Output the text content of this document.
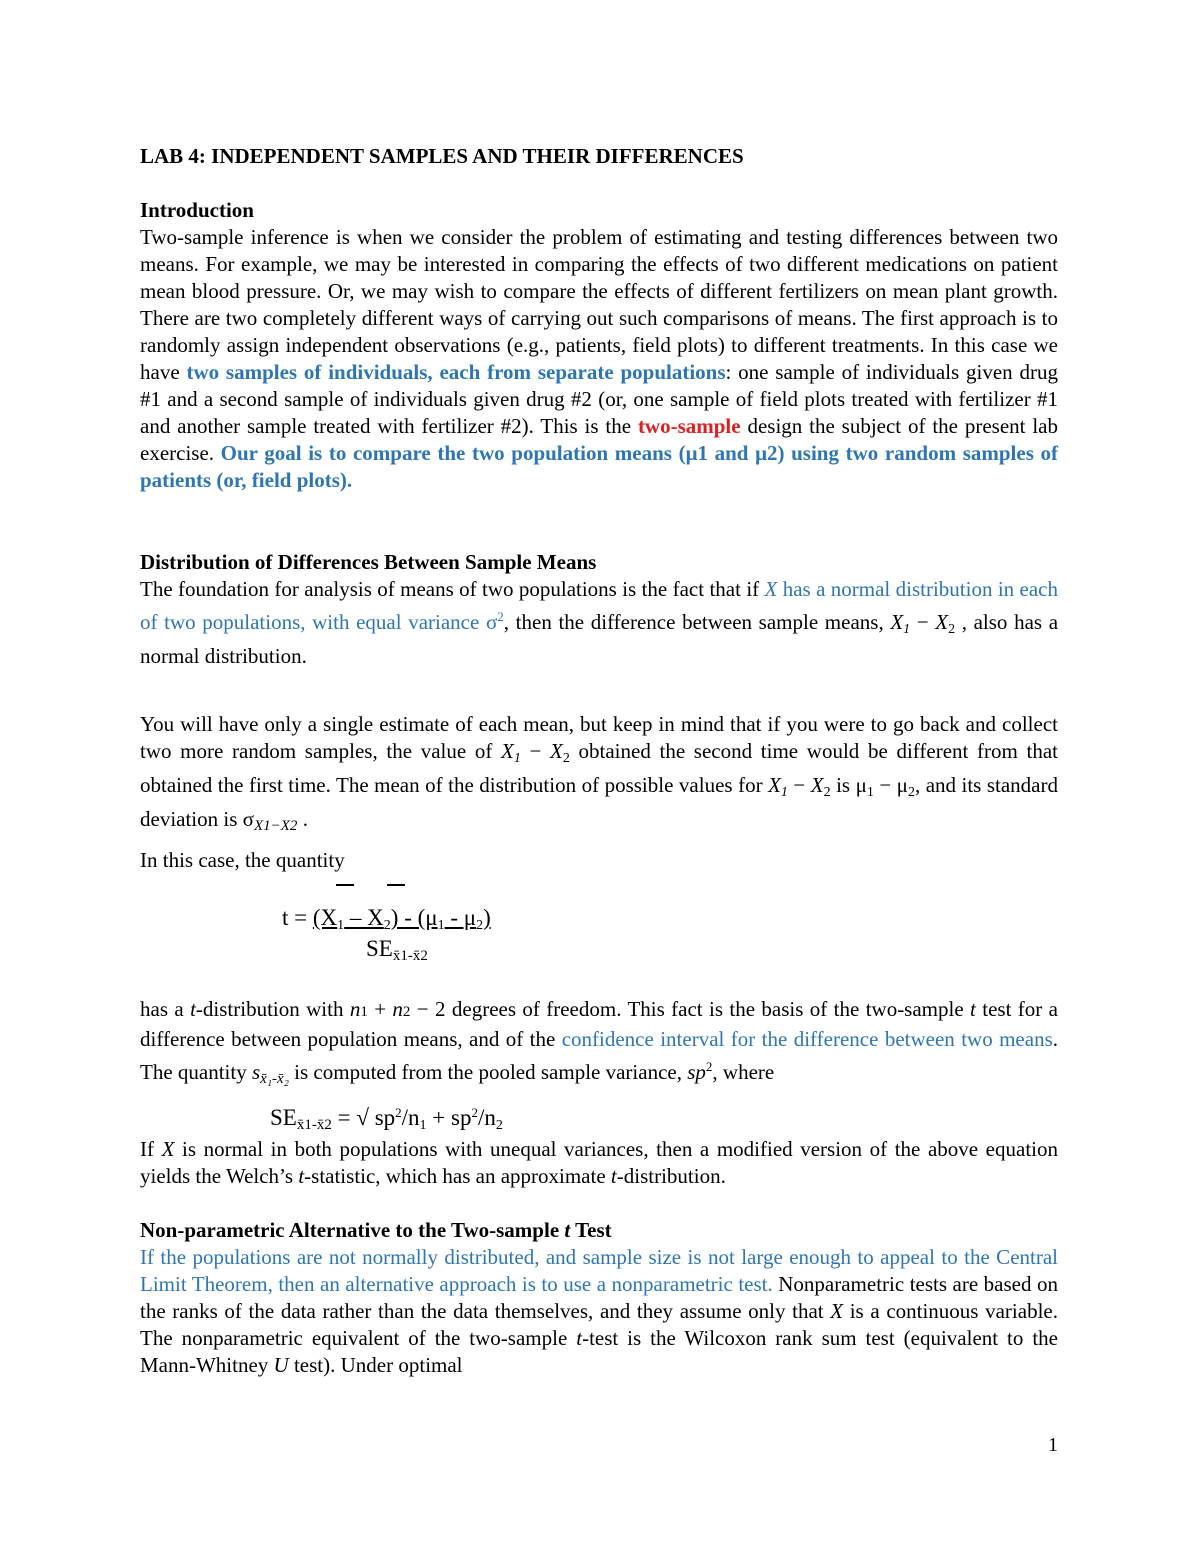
LAB 4: INDEPENDENT SAMPLES AND THEIR DIFFERENCES
Introduction

Two-sample inference is when we consider the problem of estimating and testing differences between two means. For example, we may be interested in comparing the effects of two different medications on patient mean blood pressure. Or, we may wish to compare the effects of different fertilizers on mean plant growth. There are two completely different ways of carrying out such comparisons of means. The first approach is to randomly assign independent observations (e.g., patients, field plots) to different treatments. In this case we have two samples of individuals, each from separate populations: one sample of individuals given drug #1 and a second sample of individuals given drug #2 (or, one sample of field plots treated with fertilizer #1 and another sample treated with fertilizer #2). This is the two-sample design the subject of the present lab exercise. Our goal is to compare the two population means (μ1 and μ2) using two random samples of patients (or, field plots).

Distribution of Differences Between Sample Means

The foundation for analysis of means of two populations is the fact that if X has a normal distribution in each of two populations, with equal variance $\sigma^2$, then the difference between sample means, $X_1 - X_2$ , also has a normal distribution.

You will have only a single estimate of each mean, but keep in mind that if you were to go back and collect two more random samples, the value of $X_1 - X_2$ obtained the second time would be different from that obtained the first time. The mean of the distribution of possible values for $X_1 - X_2$ is $\mu_1 - \mu_2$, and its standard deviation is $\sigma_{X1-X2}$ .

In this case, the quantity
$t = (X_1 - X_2) - (\mu_1 - \mu_2)$
$SE_{x̄1-x̄2}$

has a t-distribution with n1 + n2 − 2 degrees of freedom. This fact is the basis of the two-sample t test for a difference between population means, and of the confidence interval for the difference between two means. The quantity $s_{x̄_1-x̄_2}$ is computed from the pooled sample variance, $sp^2$, where

$SE_{x̄1-x̄2}$ = √ $sp^2/n_1 + sp^2/n_2$

If X is normal in both populations with unequal variances, then a modified version of the above equation yields the Welch’s t-statistic, which has an approximate t-distribution.

Non-parametric Alternative to the Two-sample t Test

If the populations are not normally distributed, and sample size is not large enough to appeal to the Central Limit Theorem, then an alternative approach is to use a nonparametric test. Nonparametric tests are based on the ranks of the data rather than the data themselves, and they assume only that X is a continuous variable. The nonparametric equivalent of the two-sample t-test is the Wilcoxon rank sum test (equivalent to the Mann-Whitney U test). Under optimal

1
